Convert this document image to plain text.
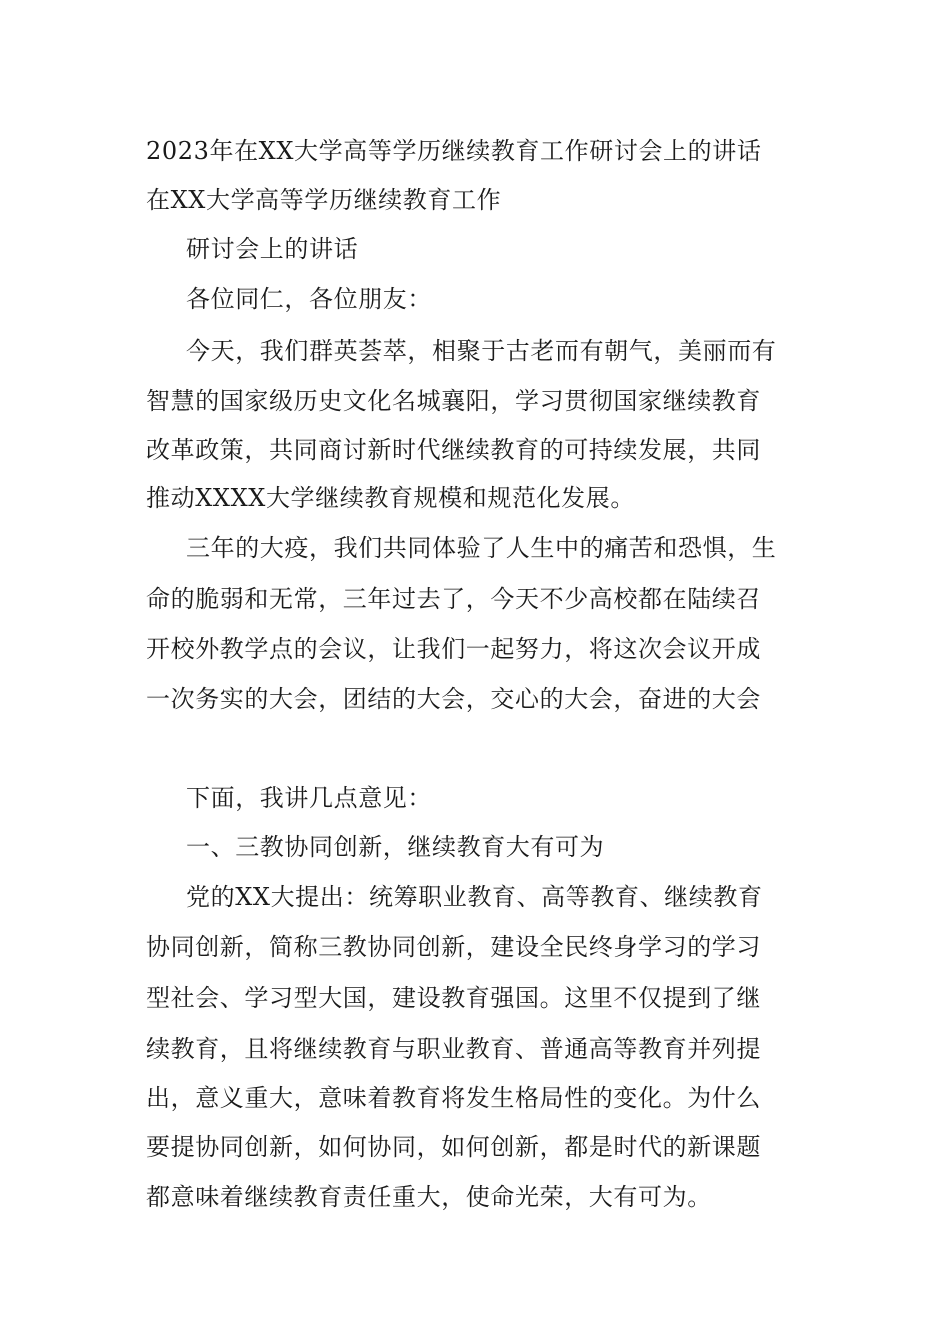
2023年在XX大学高等学历继续教育工作研讨会上的讲话
在XX大学高等学历继续教育工作
研讨会上的讲话
各位同仁，各位朋友：
今天，我们群英荟萃，相聚于古老而有朝气，美丽而有
智慧的国家级历史文化名城襄阳，学习贯彻国家继续教育
改革政策，共同商讨新时代继续教育的可持续发展，共同
推动XXXX大学继续教育规模和规范化发展。
三年的大疫，我们共同体验了人生中的痛苦和恐惧，生
命的脆弱和无常，三年过去了，今天不少高校都在陆续召
开校外教学点的会议，让我们一起努力，将这次会议开成
一次务实的大会，团结的大会，交心的大会，奋进的大会
下面，我讲几点意见：
一、三教协同创新，继续教育大有可为
党的XX大提出：统筹职业教育、高等教育、继续教育
协同创新，简称三教协同创新，建设全民终身学习的学习
型社会、学习型大国，建设教育强国。这里不仅提到了继
续教育，且将继续教育与职业教育、普通高等教育并列提
出，意义重大，意味着教育将发生格局性的变化。为什么
要提协同创新，如何协同，如何创新，都是时代的新课题
都意味着继续教育责任重大，使命光荣，大有可为。
